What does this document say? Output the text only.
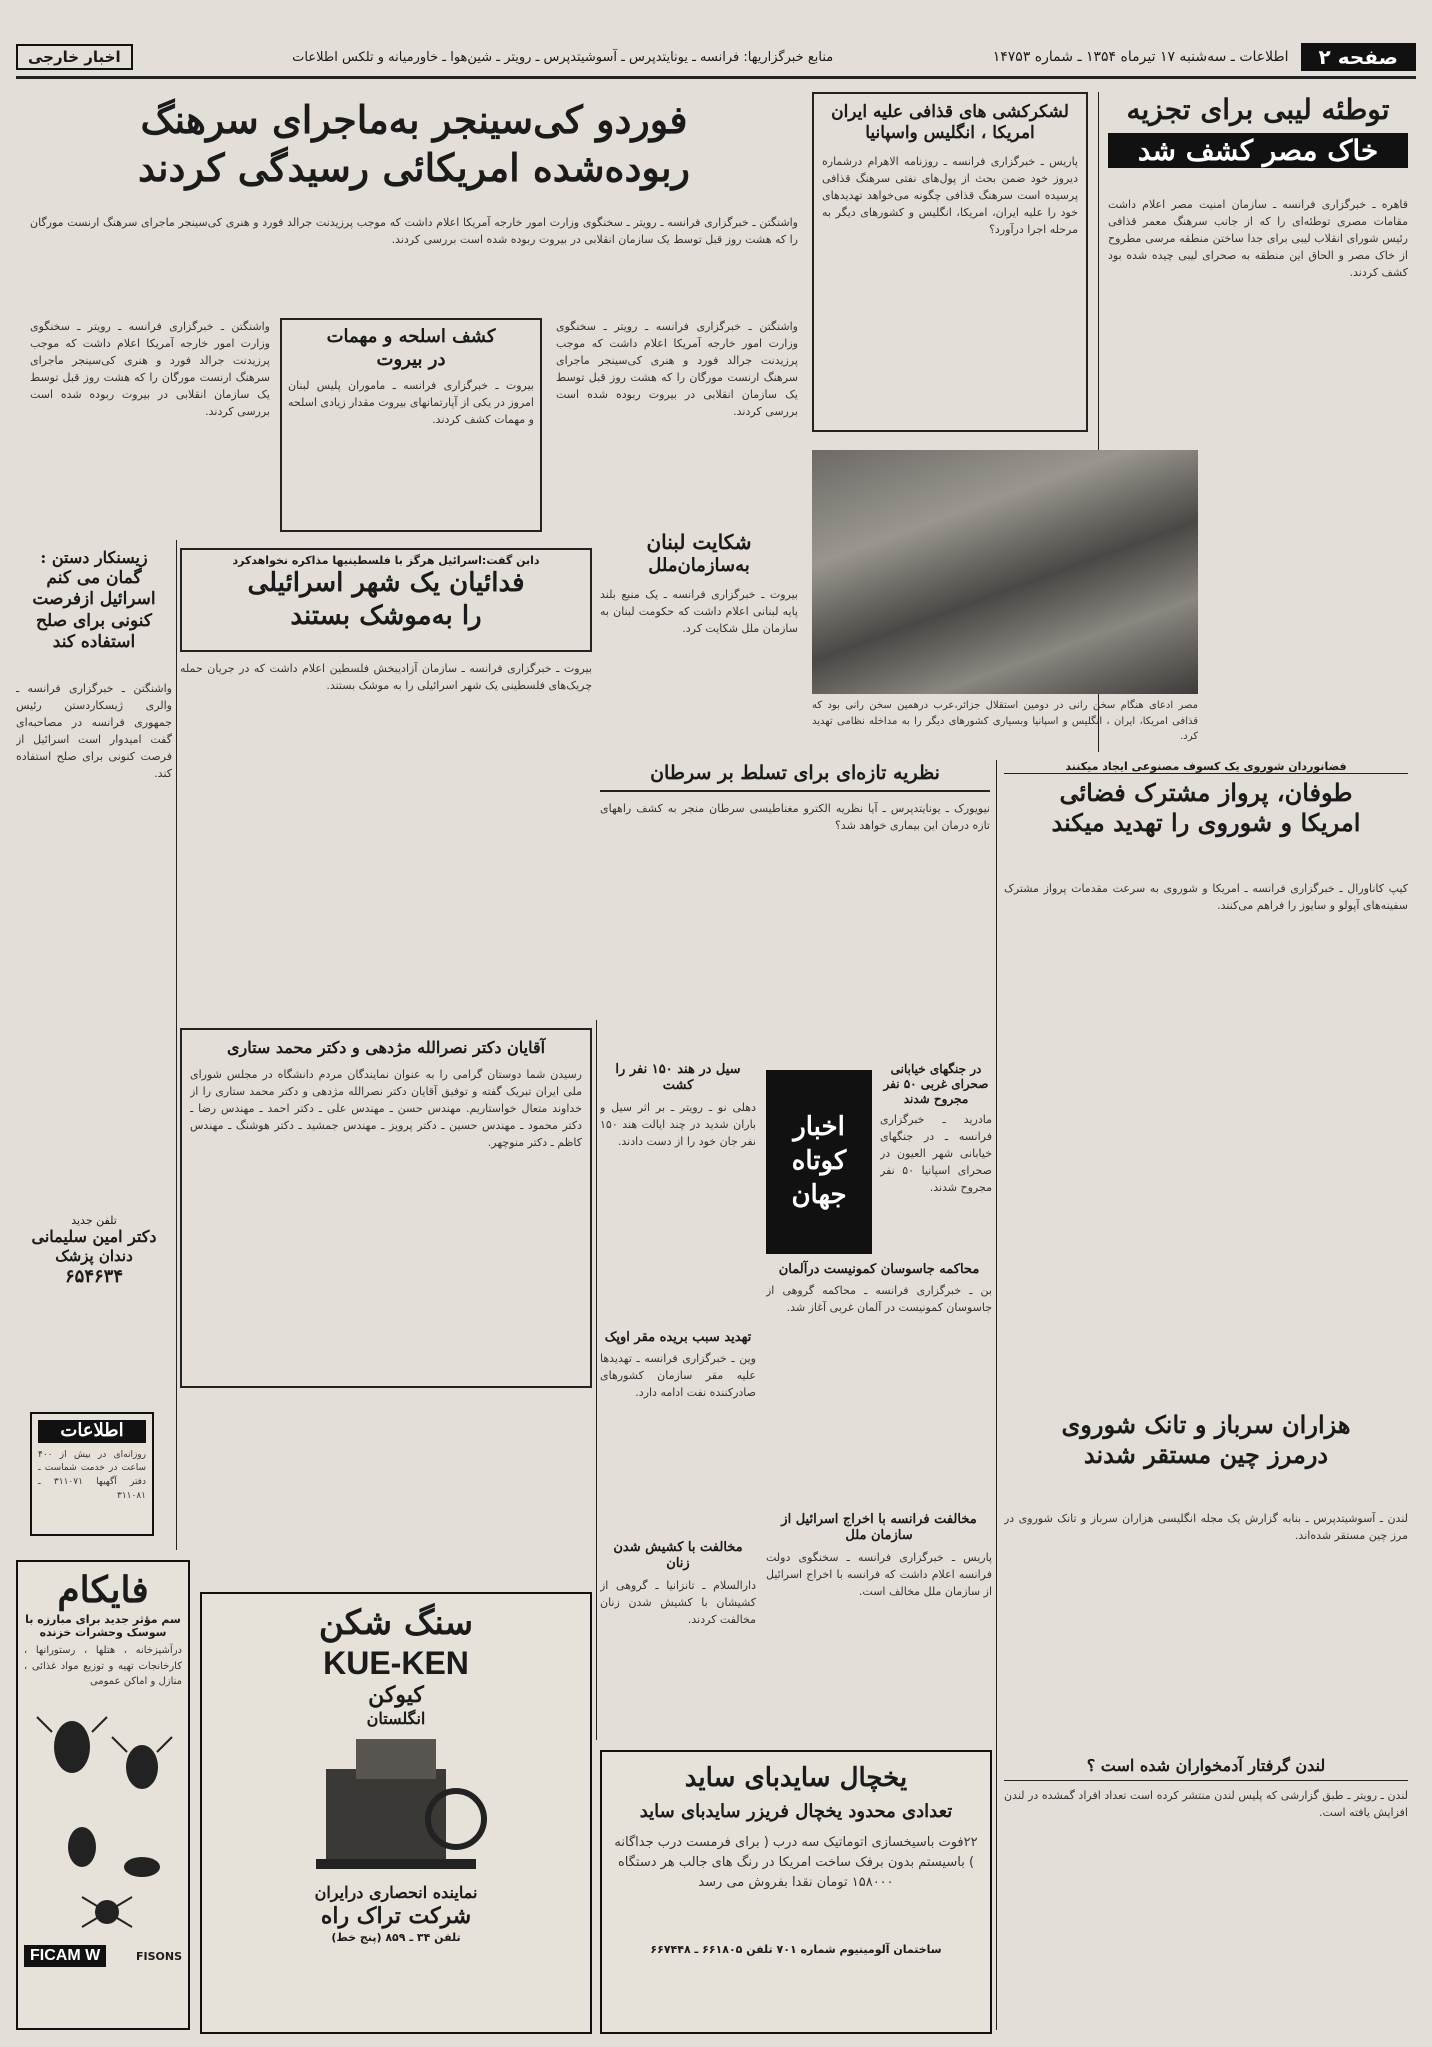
صفحه ۲
اطلاعات ـ سه‌شنبه ۱۷ تیرماه ۱۳۵۴ ـ شماره ۱۴۷۵۳
منابع خبرگزاریها: فرانسه ـ یونایتدپرس ـ آسوشیتدپرس ـ رویتر ـ شین‌هوا ـ خاورمیانه و تلکس اطلاعات
اخبار خارجی
توطئه لیبی برای تجزیه
خاک مصر کشف شد
قاهره ـ خبرگزاری فرانسه ـ سازمان امنیت مصر اعلام داشت مقامات مصری توطئه‌ای را که از جانب سرهنگ معمر قذافی رئیس شورای انقلاب لیبی برای جدا ساختن منطقه مرسی مطروح از خاک مصر و الحاق این منطقه به صحرای لیبی چیده شده بود کشف کردند.
لشکرکشی های قذافی علیه ایران امریکا ، انگلیس واسپانیا
پاریس ـ خبرگزاری فرانسه ـ روزنامه الاهرام درشماره دیروز خود ضمن بحث از پول‌های نفتی سرهنگ قذافی پرسیده است سرهنگ قذافی چگونه می‌خواهد تهدیدهای خود را علیه ایران، امریکا، انگلیس و کشورهای دیگر به مرحله اجرا درآورد؟
مصر ادعای هنگام سخن رانی در دومین استقلال جزائر،عرب درهمین سخن رانی بود که قذافی امریکا، ایران ، انگلیس و اسپانیا وبسیاری کشورهای دیگر را به مداخله نظامی تهدید کرد.
فوردو کی‌سینجر به‌ماجرای سرهنگ
ربوده‌شده امریکائی رسیدگی کردند
واشنگتن ـ خبرگزاری فرانسه ـ رویتر ـ سخنگوی وزارت امور خارجه آمریکا اعلام داشت که موجب پرزیدنت جرالد فورد و هنری کی‌سینجر ماجرای سرهنگ ارنست مورگان را که هشت روز قبل توسط یک سازمان انقلابی در بیروت ربوده شده است بررسی کردند.
کشف اسلحه و مهمات
در بیروت
بیروت ـ خبرگزاری فرانسه ـ ماموران پلیس لبنان امروز در یکی از آپارتمانهای بیروت مقدار زیادی اسلحه و مهمات کشف کردند.
واشنگتن ـ خبرگزاری فرانسه ـ رویتر ـ سخنگوی وزارت امور خارجه آمریکا اعلام داشت که موجب پرزیدنت جرالد فورد و هنری کی‌سینجر ماجرای سرهنگ ارنست مورگان را که هشت روز قبل توسط یک سازمان انقلابی در بیروت ربوده شده است بررسی کردند.
واشنگتن ـ خبرگزاری فرانسه ـ رویتر ـ سخنگوی وزارت امور خارجه آمریکا اعلام داشت که موجب پرزیدنت جرالد فورد و هنری کی‌سینجر ماجرای سرهنگ ارنست مورگان را که هشت روز قبل توسط یک سازمان انقلابی در بیروت ربوده شده است بررسی کردند.
شکایت لبنان
به‌سازمان‌ملل
بیروت ـ خبرگزاری فرانسه ـ یک منبع بلند پایه لبنانی اعلام داشت که حکومت لبنان به سازمان ملل شکایت کرد.
دابن گفت:اسرائیل هرگز با فلسطینیها مذاکره نخواهدکرد
فدائیان یک شهر اسرائیلی
را به‌موشک بستند
بیروت ـ خبرگزاری فرانسه ـ سازمان آزادیبخش فلسطین اعلام داشت که در جریان حمله چریک‌های فلسطینی یک شهر اسرائیلی را به موشک بستند.
زیسنکار دستن :
گمان می کنم
اسرائیل ازفرصت
کنونی برای صلح
استفاده کند
واشنگتن ـ خبرگزاری فرانسه ـ والری ژیسکاردستن رئیس جمهوری فرانسه در مصاحبه‌ای گفت امیدوار است اسرائیل از فرصت کنونی برای صلح استفاده کند.	نظریه تازه‌ای برای تسلط بر سرطان
نیویورک ـ یونایتدپرس ـ آیا نظریه الکترو مغناطیسی سرطان منجر به کشف راههای تازه درمان این بیماری خواهد شد؟
فضانوردان شوروی یک کسوف مصنوعی ایجاد میکنند
طوفان، پرواز مشترک فضائی
امریکا و شوروی را تهدید میکند
کیپ کاناورال ـ خبرگزاری فرانسه ـ امریکا و شوروی به سرعت مقدمات پرواز مشترک سفینه‌های آپولو و سایوز را فراهم می‌کنند.
آقایان دکتر نصرالله مژدهی و دکتر محمد ستاری
رسیدن شما دوستان گرامی را به عنوان نمایندگان مردم دانشگاه در مجلس شورای ملی ایران تبریک گفته و توفیق آقایان دکتر نصرالله مژدهی و دکتر محمد ستاری را از خداوند متعال خواستاریم. مهندس حسن ـ مهندس علی ـ دکتر احمد ـ مهندس رضا ـ دکتر محمود ـ مهندس حسین ـ دکتر پرویز ـ مهندس جمشید ـ دکتر هوشنگ ـ مهندس کاظم ـ دکتر منوچهر.
اخبار کوتاه جهان
سیل در هند ۱۵۰ نفر را کشت
دهلی نو ـ رویتر ـ بر اثر سیل و باران شدید در چند ایالت هند ۱۵۰ نفر جان خود را از دست دادند.
در جنگهای خیابانی صحرای غربی ۵۰ نفر مجروح شدند
مادرید ـ خبرگزاری فرانسه ـ در جنگهای خیابانی شهر العیون در صحرای اسپانیا ۵۰ نفر مجروح شدند.
محاکمه جاسوسان کمونیست درآلمان
بن ـ خبرگزاری فرانسه ـ محاکمه گروهی از جاسوسان کمونیست در آلمان غربی آغاز شد.
تهدید سبب بریده مقر اوپک
وین ـ خبرگزاری فرانسه ـ تهدیدها علیه مقر سازمان کشورهای صادرکننده نفت ادامه دارد.
مخالفت فرانسه با اخراج اسرائیل از سازمان ملل
پاریس ـ خبرگزاری فرانسه ـ سخنگوی دولت فرانسه اعلام داشت که فرانسه با اخراج اسرائیل از سازمان ملل مخالف است.
مخالفت با کشیش شدن زنان
دارالسلام ـ تانزانیا ـ گروهی از کشیشان با کشیش شدن زنان مخالفت کردند.
هزاران سرباز و تانک شوروی
درمرز چین مستقر شدند
لندن ـ آسوشیتدپرس ـ بنابه گزارش یک مجله انگلیسی هزاران سرباز و تانک شوروی در مرز چین مستقر شده‌اند.
لندن گرفتار آدمخواران شده است ؟
لندن ـ رویتر ـ طبق گزارشی که پلیس لندن منتشر کرده است تعداد افراد گمشده در لندن افزایش یافته است.
تلفن جدید
دکتر امین سلیمانی
دندان پزشک
۶۵۴۶۳۴
اطلاعات
روزانه‌ای در بیش از ۴۰۰ ساعت در خدمت شماست ـ دفتر آگهیها ۳۱۱۰۷۱ ـ ۳۱۱۰۸۱
فایکام
سم مؤثر جدید برای مبارزه با سوسک وحشرات خزنده
درآشپزخانه ، هتلها ، رستورانها ، کارخانجات تهیه و توزیع مواد غذائی ، منازل و اماکن عمومی
FISONS
FICAM W
سنگ شکن
KUE-KEN
کیوکن
انگلستان
نماینده انحصاری درایران
شرکت تراک راه
تلفن ۳۴ ـ ۸۵۹ (پنج خط)
یخچال سایدبای ساید
تعدادی محدود یخچال فریزر سایدبای ساید
۲۲فوت باسیخسازی اتوماتیک سه درب ( برای فرمست درب جداگانه ) باسیستم بدون برفک ساخت امریکا در رنگ های جالب هر دستگاه ۱۵۸۰۰۰ تومان نقدا بفروش می رسد
ساختمان آلومینیوم شماره ۷۰۱ تلفن ۶۶۱۸۰۵ ـ ۶۶۷۴۴۸
